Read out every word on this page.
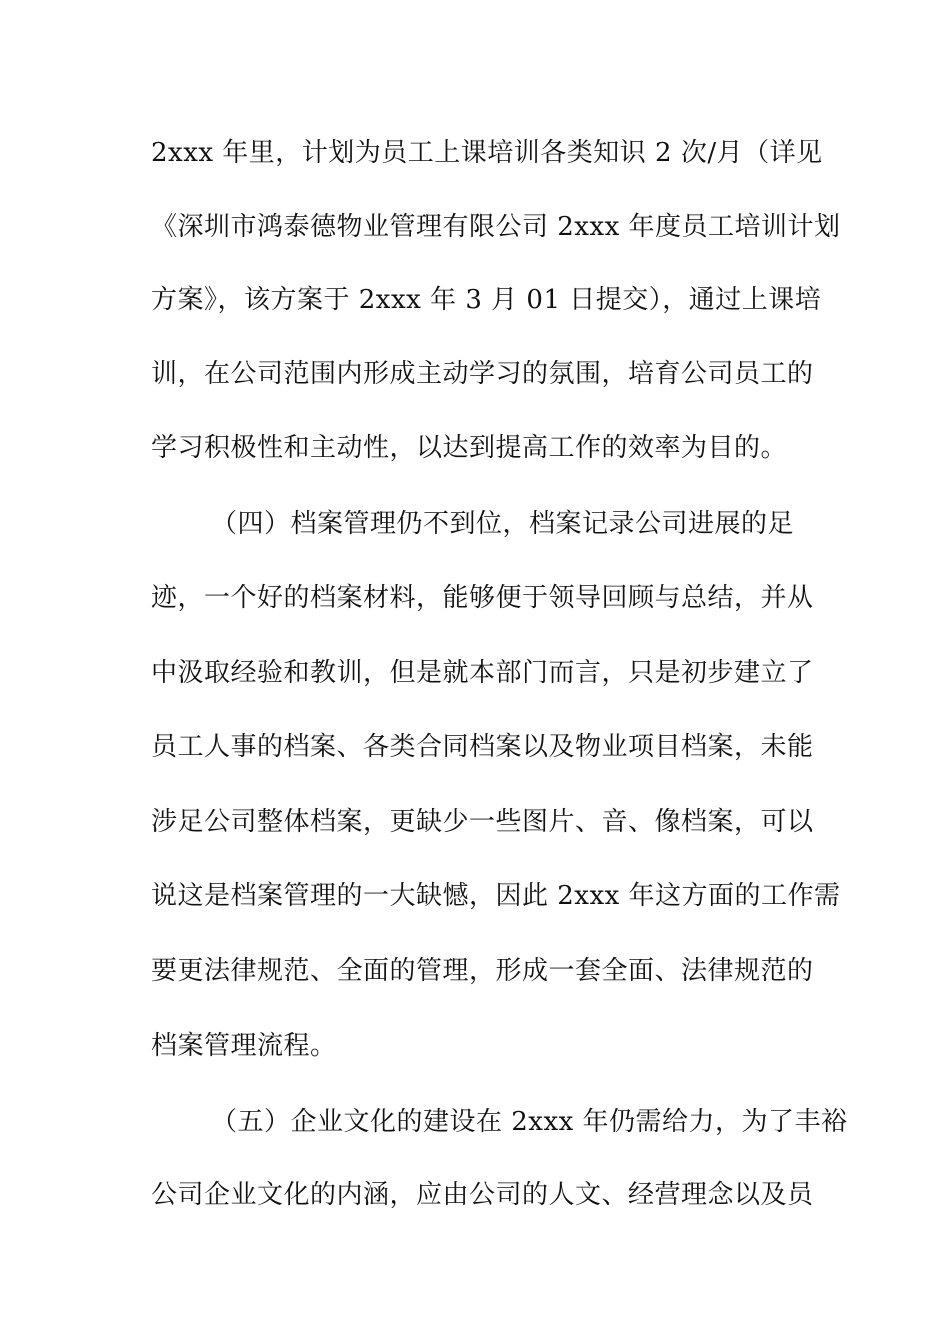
2xxx 年里，计划为员工上课培训各类知识 2 次/月（详见
《深圳市鸿泰德物业管理有限公司 2xxx 年度员工培训计划
方案》，该方案于 2xxx 年 3 月 01 日提交），通过上课培
训，在公司范围内形成主动学习的氛围，培育公司员工的
学习积极性和主动性，以达到提高工作的效率为目的。
（四）档案管理仍不到位，档案记录公司进展的足
迹，一个好的档案材料，能够便于领导回顾与总结，并从
中汲取经验和教训，但是就本部门而言，只是初步建立了
员工人事的档案、各类合同档案以及物业项目档案，未能
涉足公司整体档案，更缺少一些图片、音、像档案，可以
说这是档案管理的一大缺憾，因此 2xxx 年这方面的工作需
要更法律规范、全面的管理，形成一套全面、法律规范的
档案管理流程。
（五）企业文化的建设在 2xxx 年仍需给力，为了丰裕
公司企业文化的内涵，应由公司的人文、经营理念以及员
